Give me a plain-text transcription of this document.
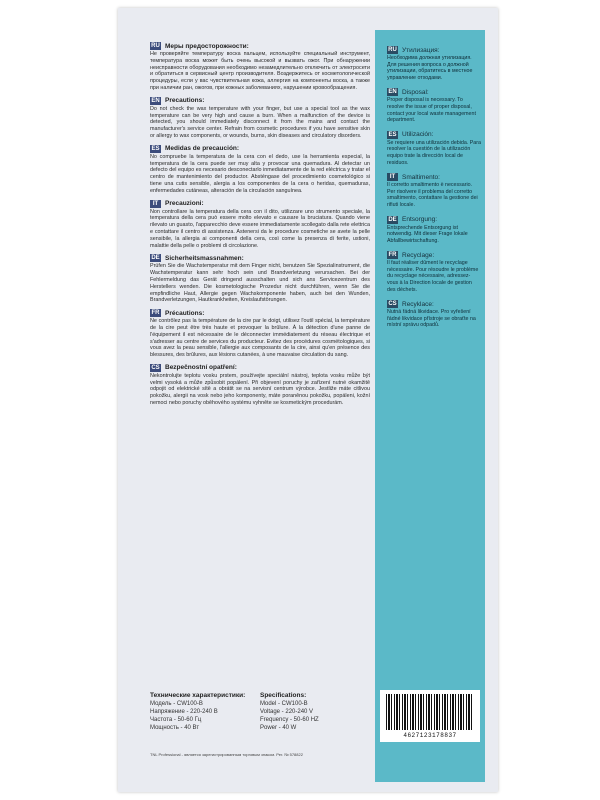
RU Меры предосторожности:
Не проверяйте температуру воска пальцем, используйте специальный инструмент, температура воска может быть очень высокой и вызвать ожог. При обнаружении неисправности оборудования необходимо незамедлительно отключить от электросети и обратиться в сервисный центр производителя. Воздержитесь от косметологической процедуры, если у вас чувствительная кожа, аллергия на компоненты воска, а также при наличии ран, ожогов, при кожных заболеваниях, нарушении кровообращения.
EN Precautions:
Do not check the wax temperature with your finger, but use a special tool as the wax temperature can be very high and cause a burn. When a malfunction of the device is detected, you should immediately disconnect it from the mains and contact the manufacturer's service center. Refrain from cosmetic procedures if you have sensitive skin or allergy to wax components, or wounds, burns, skin diseases and circulatory disorders.
ES Medidas de precaución:
No compruebe la temperatura de la cera con el dedo, use la herramienta especial, la temperatura de la cera puede ser muy alta y provocar una quemadura. Al detectar un defecto del equipo es necesario desconectarlo inmediatamente de la red eléctrica y tratar el centro de mantenimiento del productor. Absténgase del procedimiento cosmetológico si tiene una cutis sensible, alergia a los componentes de la cera o heridas, quemaduras, enfermedades cutáneas, alteración de la circulación sanguínea.
IT	Precauzioni:
Non controllare la temperatura della cera con il dito, utilizzare uno strumento speciale, la temperatura della cera può essere molto elevato e causare la bruciatura. Quando viene rilevato un guasto, l'apparecchio deve essere immediatamente scollegato dalla rete elettrica e contattare il centro di assistenza. Astenersi da le procedure cosmetiche se avete la pelle sensibile, la allergia ai componenti della cera, così come la presenza di ferite, ustioni, malattie della pelle o problemi di circolazione.
DE Sicherheitsmassnahmen:
Prüfen Sie die Wachstemperatur mit dem Finger nicht, benutzen Sie Spezialinstrument, die Wachstemperatur kann sehr hoch sein und Brandverletzung verursachen. Bei der Fehlermeldung das Gerät dringend ausschalten und sich ans Servicezentrum des Herstellers wenden. Die kosmetologische Prozedur nicht durchführen, wenn Sie die empfindliche Haut, Allergie gegen Wachskomponente haben, auch bei den Wunden, Brandverletzungen, Hautkrankheiten, Kreislaufstörungen.
FR Précautions:
Ne contrôlez pas la température de la cire par le doigt, utilisez l'outil spécial, la température de la cire peut être très haute et provoquer la brûlure. À la détection d'une panne de l'équipement il est nécessaire de le déconnecter immédiatement du réseau électrique et s'adresser au centre de services du producteur. Evitez des procédures cosmétologiques, si vous avez la peau sensible, l'allergie aux composants de la cire, ainsi qu'en présence des blessures, des brûlures, aux lésions cutanées, à une mauvaise circulation du sang.
CS Bezpečnostní opatření:
Nekontrolujte teplotu vosku prstem, používejte speciální nástroj, teplota vosku může být velmi vysoká a může způsobit popálení. Při objevení poruchy je zařízení nutné okamžitě odpojit od elektrické sítě a obrátit se na servisní centrum výrobce. Jestliže máte citlivou pokožku, alergii na vosk nebo jeho komponenty, máte poraněnou pokožku, popáleni, kožní nemoci nebo poruchy oběhového systému vyhněte se kosmetickým procedurám.
RU Утилизация:
Необходима должная утилизация. Для решения вопроса о должной утилизации, обратитесь в местное управление отходами.
EN Disposal:
Proper disposal is necessary. To resolve the issue of proper disposal, contact your local waste management department.
ES Utilización:
Se requiere una utilización debida. Para resolver la cuestión de la utilización equipo trate la dirección local de residuos.
IT	Smaltimento:
Il corretto smaltimento è necessario. Per risolvere il problema del corretto smaltimento, contattare la gestione dei rifiuti locale.
DE Entsorgung:
Entsprechende Entsorgung ist notwendig. Mit dieser Frage lokale Abfallbewirtschaftung.
FR Recyclage:
Il faut réaliser dûment le recyclage nécessaire. Pour résoudre le problème du recyclage nécessaire, adressez-vous à la Direction locale de gestion des déchets.
CS Recyklace:
Nutná řádná likvidace. Pro vyřešení řádné likvidace přístroje se obraťte na místní správu odpadů.
Технические характеристики:
Модель - CW100-B
Напряжение - 220-240 В
Частота - 50-60 Гц
Мощность - 40 Вт
Specifications:
Model - CW100-B
Voltage - 220-240 V
Frequency - 50-60 HZ
Power - 40 W
TNL Professional - является зарегистрированным торговым знаком. Рег. № 578822
4627123178837
